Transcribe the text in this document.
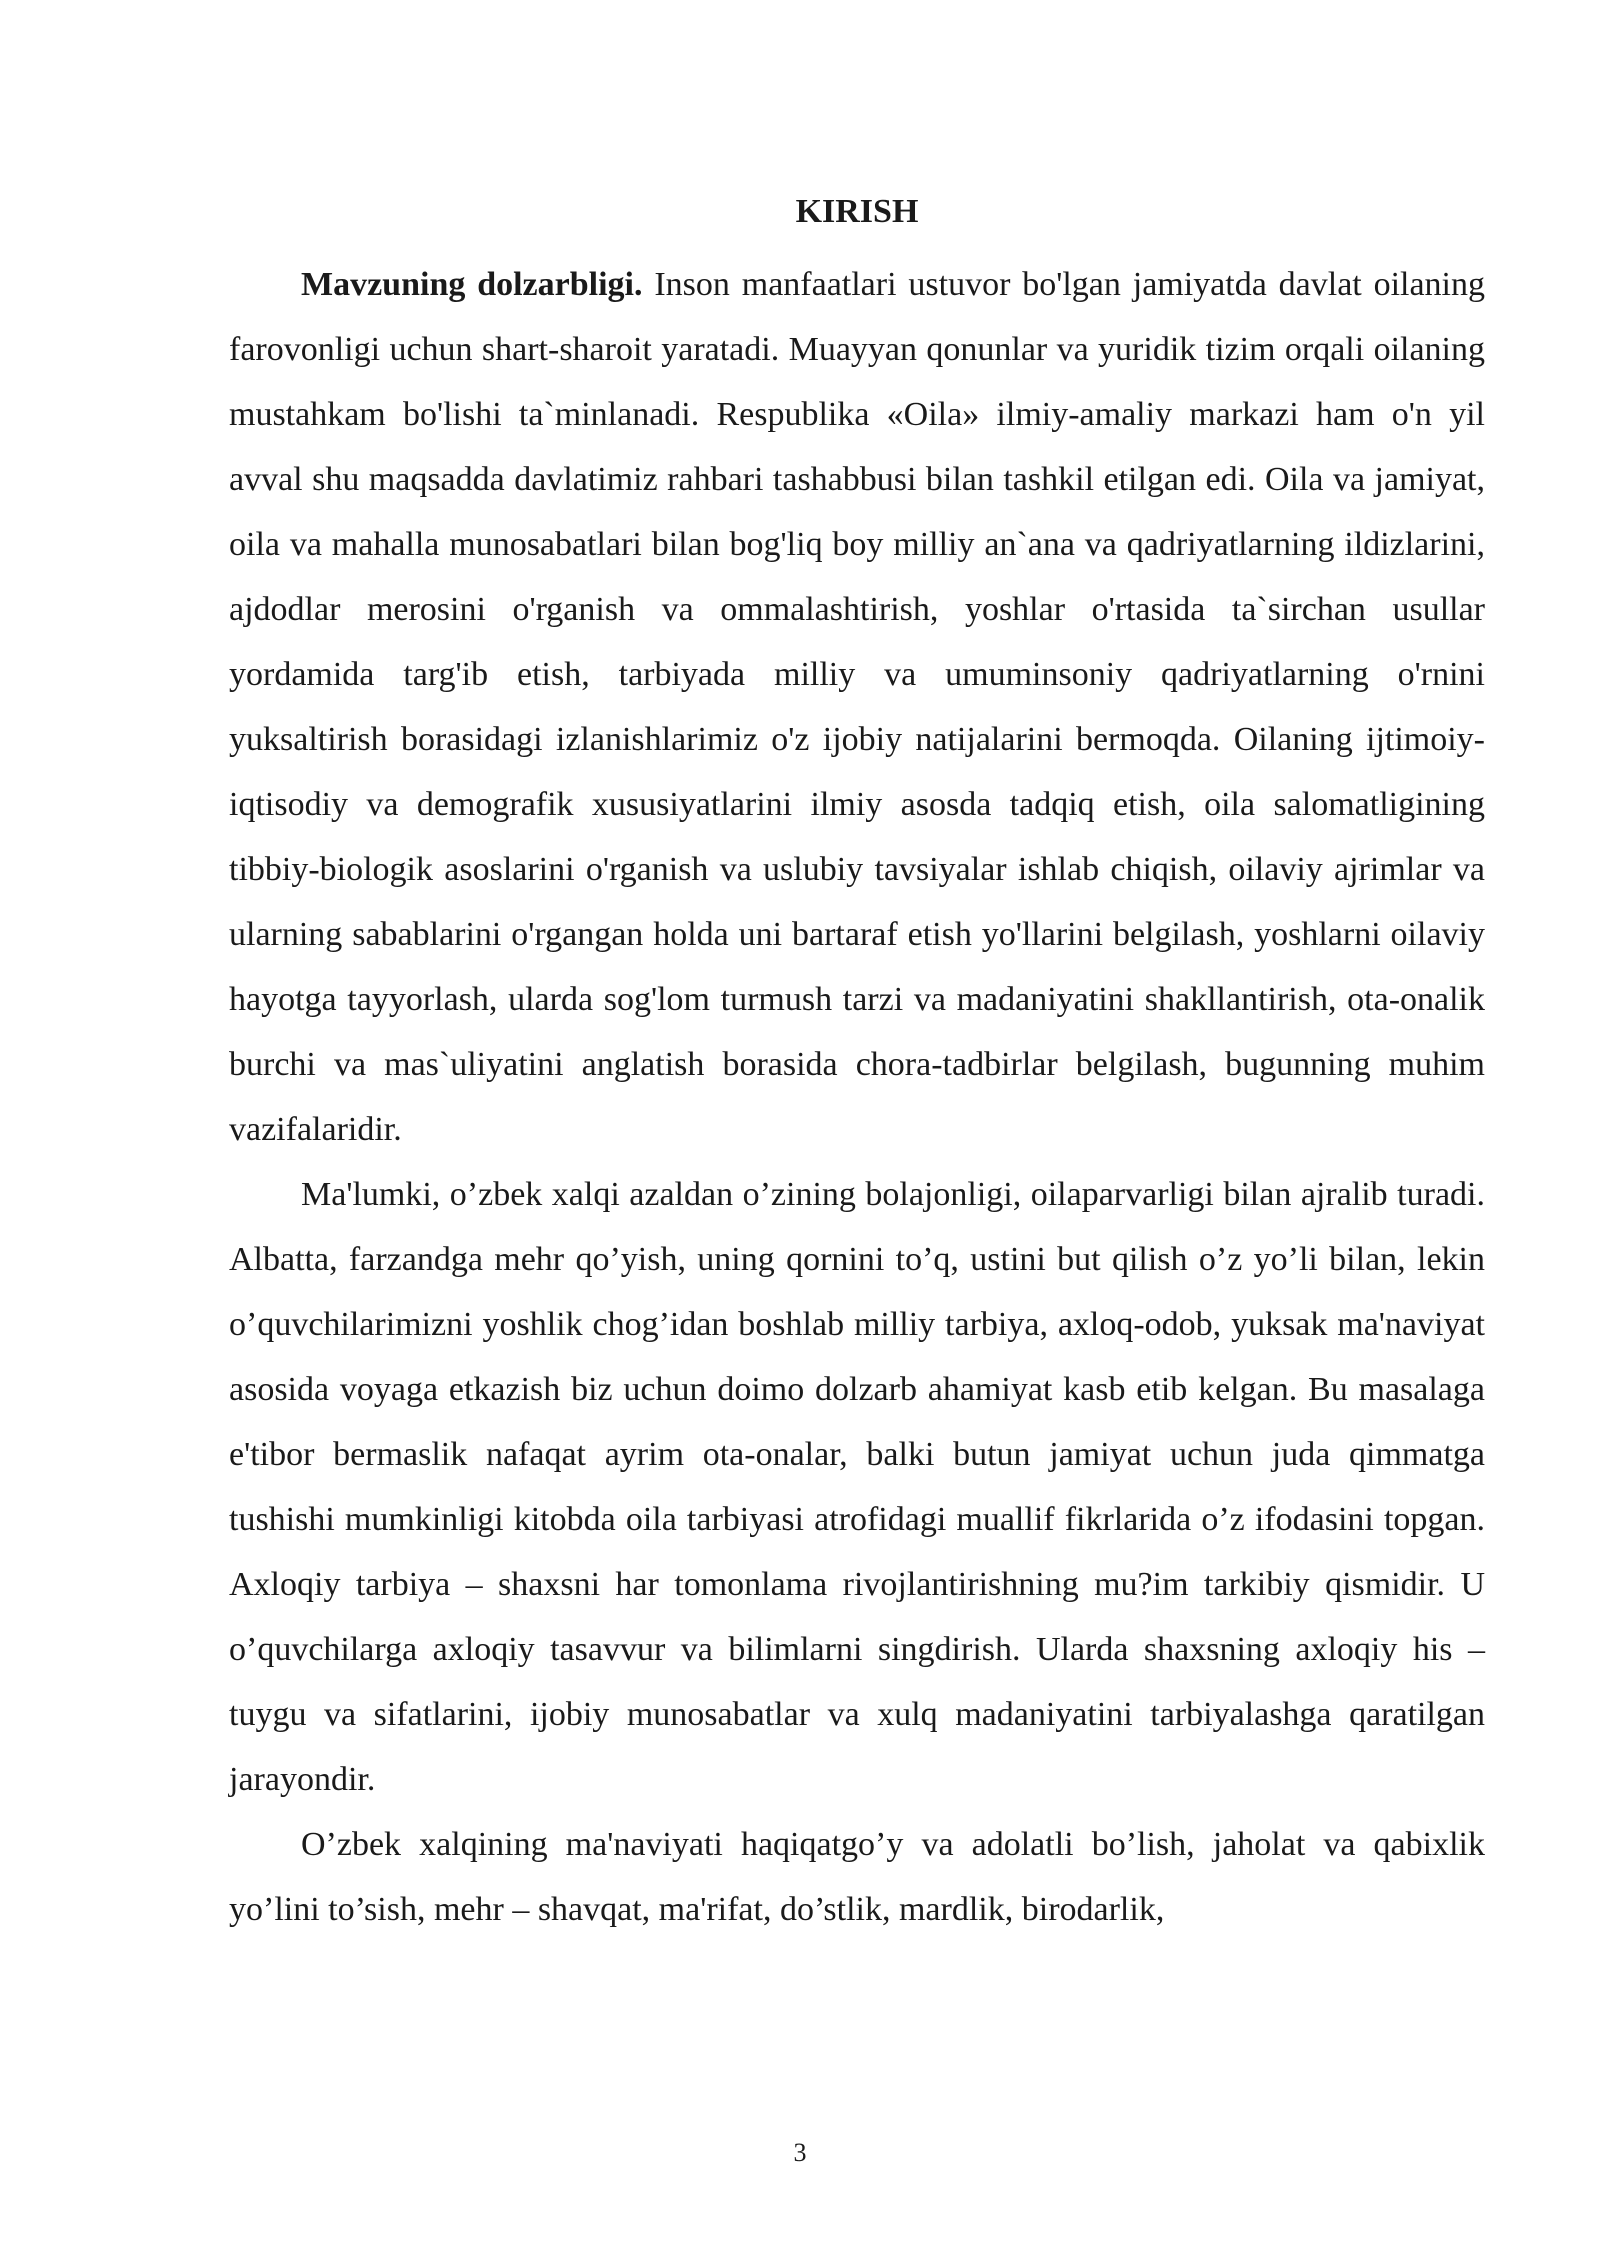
KIRISH

Mavzuning dolzarbligi. Inson manfaatlari ustuvor bo'lgan jamiyatda davlat oilaning farovonligi uchun shart-sharoit yaratadi. Muayyan qonunlar va yuridik tizim orqali oilaning mustahkam bo'lishi ta`minlanadi. Respublika «Oila» ilmiy-amaliy markazi ham o'n yil avval shu maqsadda davlatimiz rahbari tashabbusi bilan tashkil etilgan edi. Oila va jamiyat, oila va mahalla munosabatlari bilan bog'liq boy milliy an`ana va qadriyatlarning ildizlarini, ajdodlar merosini o'rganish va ommalashtirish, yoshlar o'rtasida ta`sirchan usullar yordamida targ'ib etish, tarbiyada milliy va umuminsoniy qadriyatlarning o'rnini yuksaltirish borasidagi izlanishlarimiz o'z ijobiy natijalarini bermoqda. Oilaning ijtimoiy-iqtisodiy va demografik xususiyatlarini ilmiy asosda tadqiq etish, oila salomatligining tibbiy-biologik asoslarini o'rganish va uslubiy tavsiyalar ishlab chiqish, oilaviy ajrimlar va ularning sabablarini o'rgangan holda uni bartaraf etish yo'llarini belgilash, yoshlarni oilaviy hayotga tayyorlash, ularda sog'lom turmush tarzi va madaniyatini shakllantirish, ota-onalik burchi va mas`uliyatini anglatish borasida chora-tadbirlar belgilash, bugunning muhim vazifalaridir.

Ma'lumki, o’zbek xalqi azaldan o’zining bolajonligi, oilaparvarligi bilan ajralib turadi. Albatta, farzandga mehr qo’yish, uning qornini to’q, ustini but qilish o’z yo’li bilan, lekin o’quvchilarimizni yoshlik chog’idan boshlab milliy tarbiya, axloq-odob, yuksak ma'naviyat asosida voyaga etkazish biz uchun doimo dolzarb ahamiyat kasb etib kelgan. Bu masalaga e'tibor bermaslik nafaqat ayrim ota-onalar, balki butun jamiyat uchun juda qimmatga tushishi mumkinligi kitobda oila tarbiyasi atrofidagi muallif fikrlarida o’z ifodasini topgan. Axloqiy tarbiya – shaxsni har tomonlama rivojlantirishning mu?im tarkibiy qismidir. U o’quvchilarga axloqiy tasavvur va bilimlarni singdirish. Ularda shaxsning axloqiy his – tuygu va sifatlarini, ijobiy munosabatlar va xulq madaniyatini tarbiyalashga qaratilgan jarayondir.

O’zbek xalqining ma'naviyati haqiqatgo’y va adolatli bo’lish, jaholat va qabixlik yo’lini to’sish, mehr – shavqat, ma'rifat, do’stlik, mardlik, birodarlik,

3
